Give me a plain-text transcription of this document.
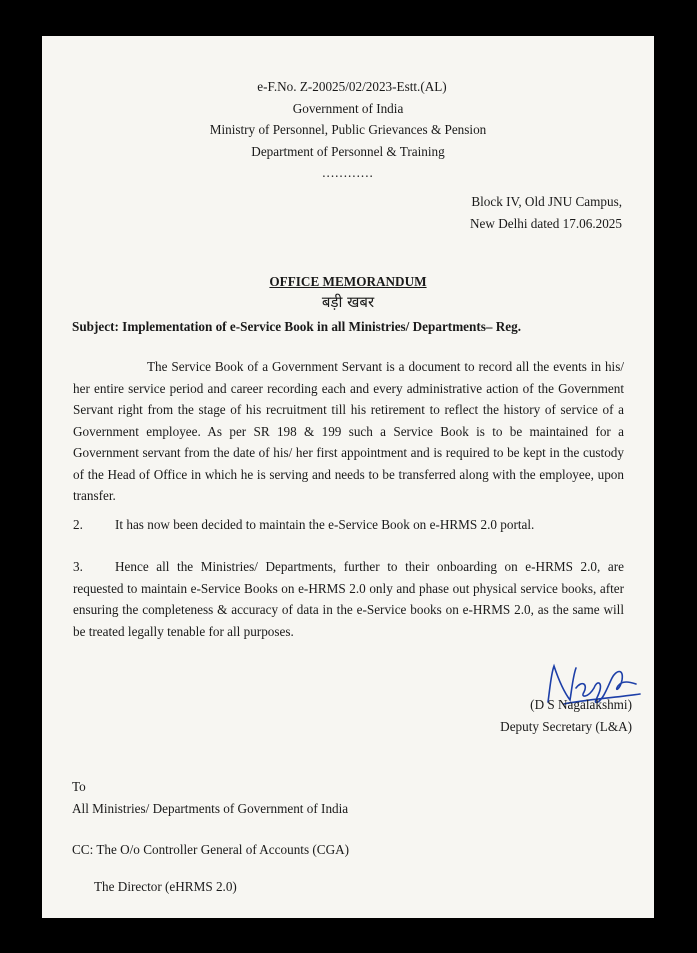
e-F.No. Z-20025/02/2023-Estt.(AL)
Government of India
Ministry of Personnel, Public Grievances & Pension
Department of Personnel & Training
............
Block IV, Old JNU Campus,
New Delhi dated 17.06.2025
OFFICE MEMORANDUM
बड़ी खबर
Subject: Implementation of e-Service Book in all Ministries/ Departments– Reg.
The Service Book of a Government Servant is a document to record all the events in his/ her entire service period and career recording each and every administrative action of the Government Servant right from the stage of his recruitment till his retirement to reflect the history of service of a Government employee. As per SR 198 & 199 such a Service Book is to be maintained for a Government servant from the date of his/ her first appointment and is required to be kept in the custody of the Head of Office in which he is serving and needs to be transferred along with the employee, upon transfer.
2. It has now been decided to maintain the e-Service Book on e-HRMS 2.0 portal.
3. Hence all the Ministries/ Departments, further to their onboarding on e-HRMS 2.0, are requested to maintain e-Service Books on e-HRMS 2.0 only and phase out physical service books, after ensuring the completeness & accuracy of data in the e-Service books on e-HRMS 2.0, as the same will be treated legally tenable for all purposes.
(D S Nagalakshmi)
Deputy Secretary (L&A)
To
All Ministries/ Departments of Government of India
CC: The O/o Controller General of Accounts (CGA)
The Director (eHRMS 2.0)
